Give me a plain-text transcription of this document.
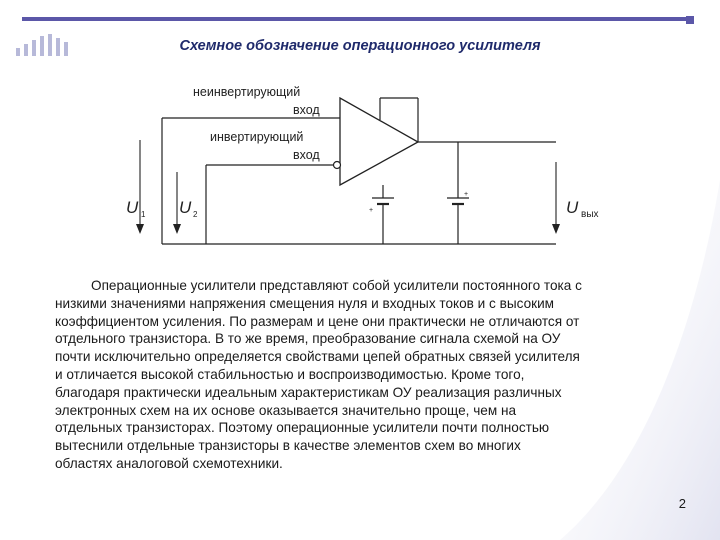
Схемное обозначение операционного усилителя
+
+
неинвертирующий
вход
инвертирующий
вход
U 1 U 2	U вых
Операционные усилители представляют собой усилители постоянного тока с
низкими значениями напряжения смещения нуля и входных токов и с высоким
коэффициентом усиления. По размерам и цене они практически не отличаются от
отдельного транзистора. В то же время, преобразование сигнала схемой на ОУ
почти исключительно определяется свойствами цепей обратных связей усилителя
и отличается высокой стабильностью и воспроизводимостью. Кроме того,
благодаря практически идеальным характеристикам ОУ реализация различных
электронных схем на их основе оказывается значительно проще, чем на
отдельных транзисторах. Поэтому операционные усилители почти полностью
вытеснили отдельные транзисторы в качестве элементов схем во многих
областях аналоговой схемотехники.
2
